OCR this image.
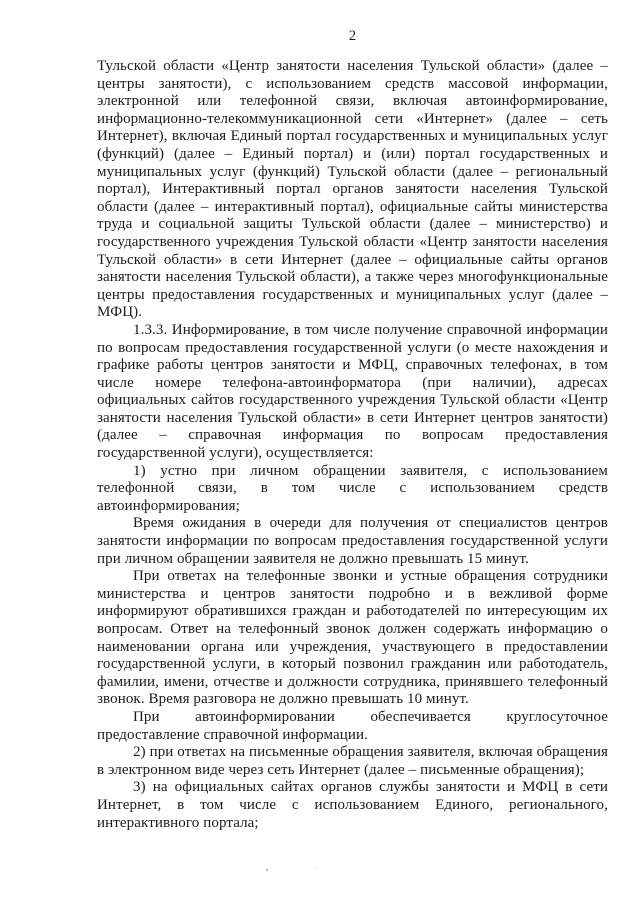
2

Тульской области «Центр занятости населения Тульской области» (далее – центры занятости), с использованием средств массовой информации, электронной или телефонной связи, включая автоинформирование, информационно-телекоммуникационной сети «Интернет» (далее – сеть Интернет), включая Единый портал государственных и муниципальных услуг (функций) (далее – Единый портал) и (или) портал государственных и муниципальных услуг (функций) Тульской области (далее – региональный портал), Интерактивный портал органов занятости населения Тульской области (далее – интерактивный портал), официальные сайты министерства труда и социальной защиты Тульской области (далее – министерство) и государственного учреждения Тульской области «Центр занятости населения Тульской области» в сети Интернет (далее – официальные сайты органов занятости населения Тульской области), а также через многофункциональные центры предоставления государственных и муниципальных услуг (далее – МФЦ).

1.3.3. Информирование, в том числе получение справочной информации по вопросам предоставления государственной услуги (о месте нахождения и графике работы центров занятости и МФЦ, справочных телефонах, в том числе номере телефона-автоинформатора (при наличии), адресах официальных сайтов государственного учреждения Тульской области «Центр занятости населения Тульской области» в сети Интернет центров занятости) (далее – справочная информация по вопросам предоставления государственной услуги), осуществляется:

1) устно при личном обращении заявителя, с использованием телефонной связи, в том числе с использованием средств автоинформирования;

Время ожидания в очереди для получения от специалистов центров занятости информации по вопросам предоставления государственной услуги при личном обращении заявителя не должно превышать 15 минут.

При ответах на телефонные звонки и устные обращения сотрудники министерства и центров занятости подробно и в вежливой форме информируют обратившихся граждан и работодателей по интересующим их вопросам. Ответ на телефонный звонок должен содержать информацию о наименовании органа или учреждения, участвующего в предоставлении государственной услуги, в который позвонил гражданин или работодатель, фамилии, имени, отчестве и должности сотрудника, принявшего телефонный звонок. Время разговора не должно превышать 10 минут.

При автоинформировании обеспечивается круглосуточное предоставление справочной информации.

2) при ответах на письменные обращения заявителя, включая обращения в электронном виде через сеть Интернет (далее – письменные обращения);

3) на официальных сайтах органов службы занятости и МФЦ в сети Интернет, в том числе с использованием Единого, регионального, интерактивного портала;
